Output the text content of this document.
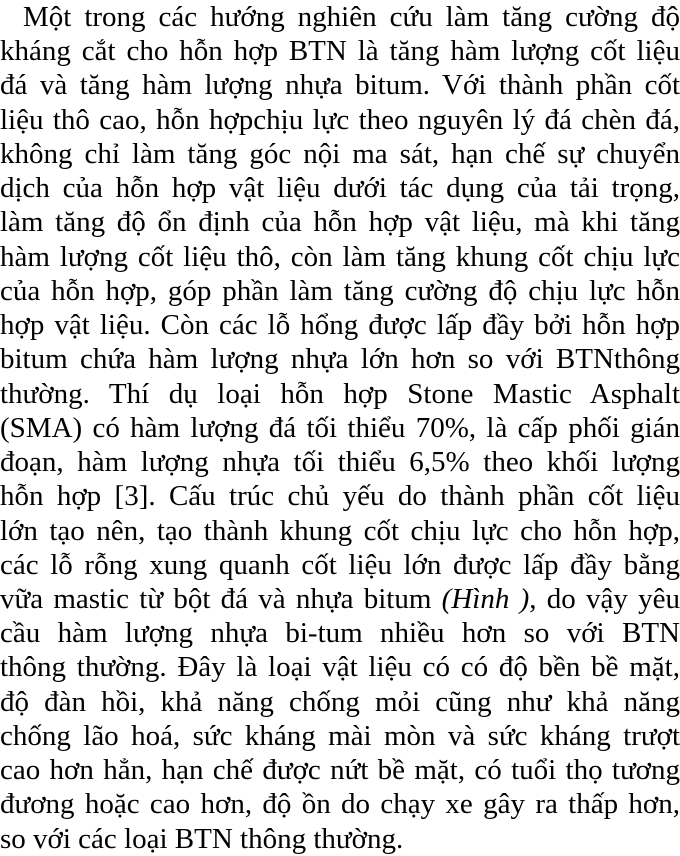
Một trong các hướng nghiên cứu làm tăng cường độ
kháng cắt cho hỗn hợp BTN là tăng hàm lượng cốt liệu
đá và tăng hàm lượng nhựa bitum. Với thành phần cốt
liệu thô cao, hỗn hợpchịu lực theo nguyên lý đá chèn đá,
không chỉ làm tăng góc nội ma sát, hạn chế sự chuyển
dịch của hỗn hợp vật liệu dưới tác dụng của tải trọng,
làm tăng độ ổn định của hỗn hợp vật liệu, mà khi tăng
hàm lượng cốt liệu thô, còn làm tăng khung cốt chịu lực
của hỗn hợp, góp phần làm tăng cường độ chịu lực hỗn
hợp vật liệu. Còn các lỗ hổng được lấp đầy bởi hỗn hợp
bitum chứa hàm lượng nhựa lớn hơn so với BTNthông
thường. Thí dụ loại hỗn hợp Stone Mastic Asphalt
(SMA) có hàm lượng đá tối thiểu 70%, là cấp phối gián
đoạn, hàm lượng nhựa tối thiểu 6,5% theo khối lượng
hỗn hợp [3]. Cấu trúc chủ yếu do thành phần cốt liệu
lớn tạo nên, tạo thành khung cốt chịu lực cho hỗn hợp,
các lỗ rỗng xung quanh cốt liệu lớn được lấp đầy bằng
vữa mastic từ bột đá và nhựa bitum (Hình ), do vậy yêu
cầu hàm lượng nhựa bi-tum nhiều hơn so với BTN
thông thường. Đây là loại vật liệu có có độ bền bề mặt,
độ đàn hồi, khả năng chống mỏi cũng như khả năng
chống lão hoá, sức kháng mài mòn và sức kháng trượt
cao hơn hẳn, hạn chế được nứt bề mặt, có tuổi thọ tương
đương hoặc cao hơn, độ ồn do chạy xe gây ra thấp hơn,
so với các loại BTN thông thường.
